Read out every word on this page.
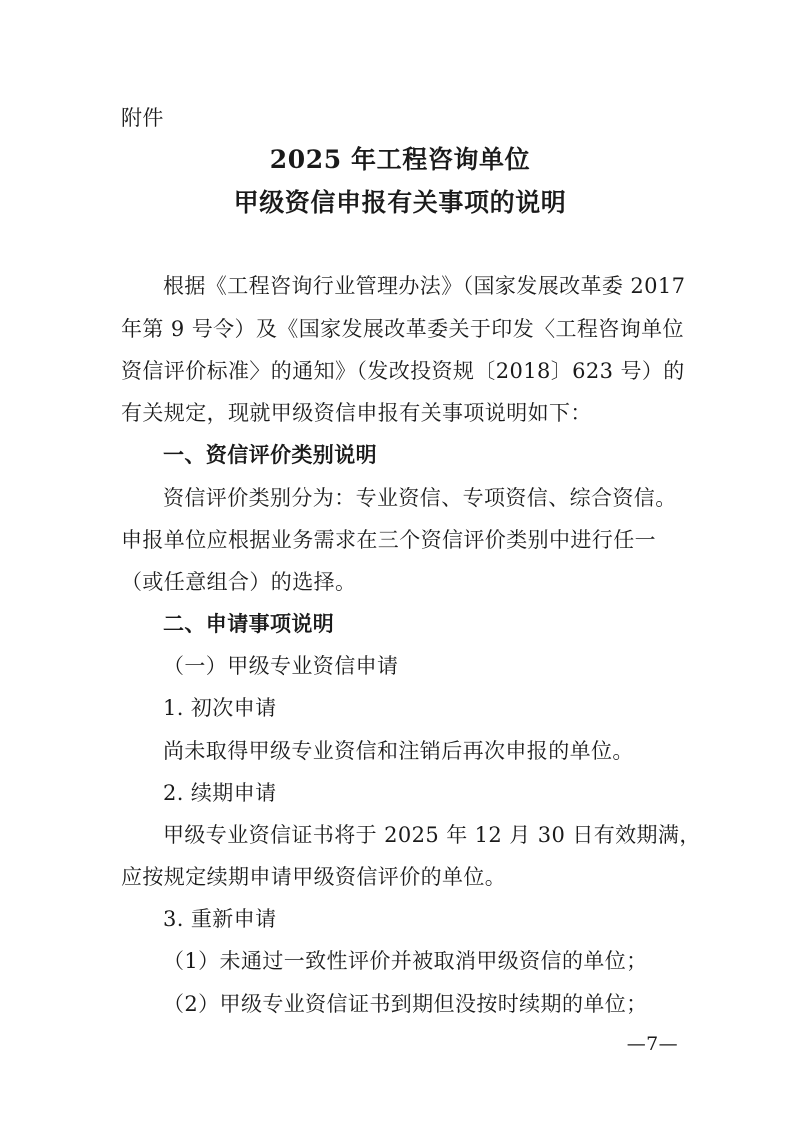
附件
2025 年工程咨询单位
甲级资信申报有关事项的说明
根据《工程咨询行业管理办法》（国家发展改革委 2017
年第 9 号令）及《国家发展改革委关于印发〈工程咨询单位
资信评价标准〉的通知》（发改投资规〔2018〕623 号）的
有关规定，现就甲级资信申报有关事项说明如下：
一、资信评价类别说明
资信评价类别分为：专业资信、专项资信、综合资信。
申报单位应根据业务需求在三个资信评价类别中进行任一
（或任意组合）的选择。
二、申请事项说明
（一）甲级专业资信申请
1. 初次申请
尚未取得甲级专业资信和注销后再次申报的单位。
2. 续期申请
甲级专业资信证书将于 2025 年 12 月 30 日有效期满，
应按规定续期申请甲级资信评价的单位。
3. 重新申请
（1）未通过一致性评价并被取消甲级资信的单位；
（2）甲级专业资信证书到期但没按时续期的单位；
—7—
